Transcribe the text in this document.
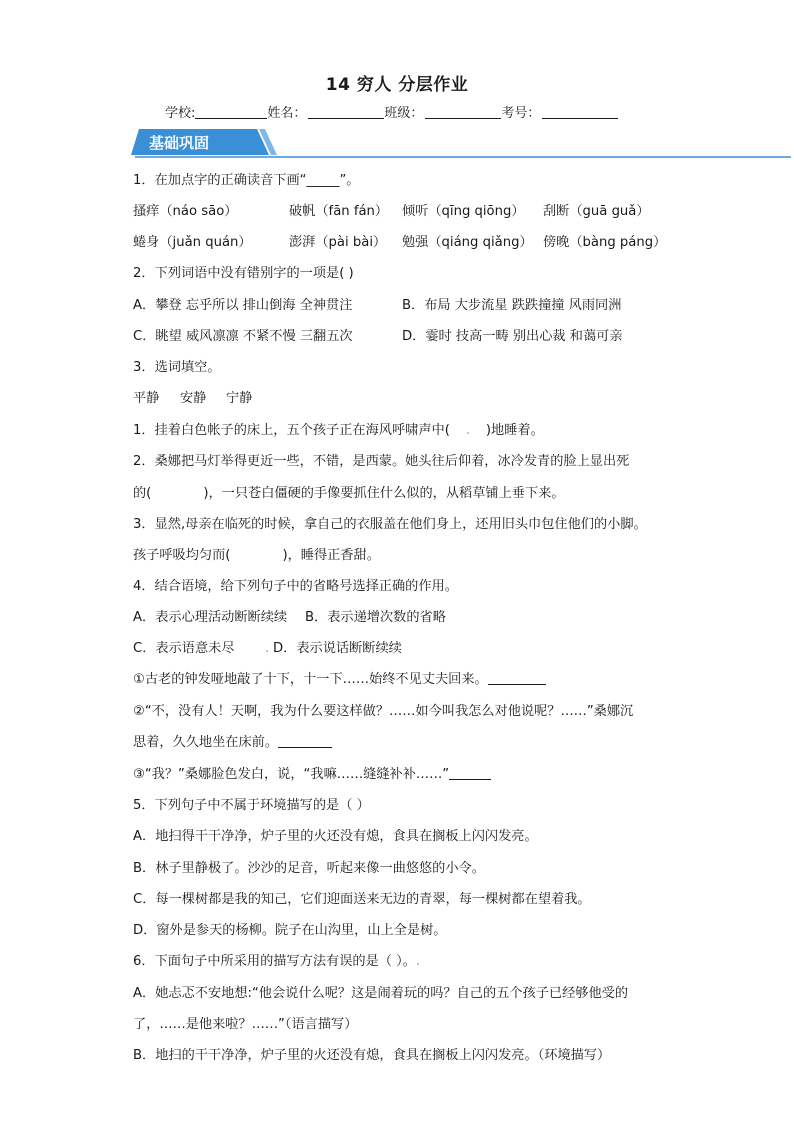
14 穷人 分层作业
学校:	姓名：	班级：	考号：
基础巩固
1．在加点字的正确读音下画“_____”。
搔痒（náo sāo）	破帆（fān fán） 倾听（qīng qiōng） 刮断（guā guǎ）
蜷身（juǎn quán）	澎湃（pài bài） 勉强（qiáng qiǎng） 傍晚（bàng páng）
2．下列词语中没有错别字的一项是( )
A．攀登 忘乎所以 排山倒海 全神贯注	B．布局 大步流星 跌跌撞撞 风雨同洲
C．眺望 威风凛凛 不紧不慢 三翻五次	D．霎时 技高一畴 别出心裁 和蔼可亲
3．选词填空。
平静 安静 宁静
1．挂着白色帐子的床上，五个孩子正在海风呼啸声中( . )地睡着。
2．桑娜把马灯举得更近一些，不错，是西蒙。她头往后仰着，冰冷发青的脸上显出死
的(	)，一只苍白僵硬的手像要抓住什么似的，从稻草铺上垂下来。
3．显然,母亲在临死的时候，拿自己的衣服盖在他们身上，还用旧头巾包住他们的小脚。
孩子呼吸均匀而(	)，睡得正香甜。
4．结合语境，给下列句子中的省略号选择正确的作用。
A．表示心理活动断断续续 B．表示递增次数的省略
C．表示语意未尽 . D．表示说话断断续续
①古老的钟发哑地敲了十下，十一下……始终不见丈夫回来。
②“不，没有人！天啊，我为什么要这样做？……如今叫我怎么对他说呢？……”桑娜沉
思着，久久地坐在床前。
③“我？”桑娜脸色发白，说，“我嘛……缝缝补补……”
5．下列句子中不属于环境描写的是（ ）
A．地扫得干干净净，炉子里的火还没有熄，食具在搁板上闪闪发亮。
B．林子里静极了。沙沙的足音，听起来像一曲悠悠的小令。
C．每一棵树都是我的知己，它们迎面送来无边的青翠，每一棵树都在望着我。
D．窗外是参天的杨柳。院子在山沟里，山上全是树。
6．下面句子中所采用的描写方法有误的是（ ）。.
A．她忐忑不安地想:“他会说什么呢？这是闹着玩的吗？自己的五个孩子已经够他受的
了，……是他来啦？……”（语言描写）
B．地扫的干干净净，炉子里的火还没有熄，食具在搁板上闪闪发亮。（环境描写）
